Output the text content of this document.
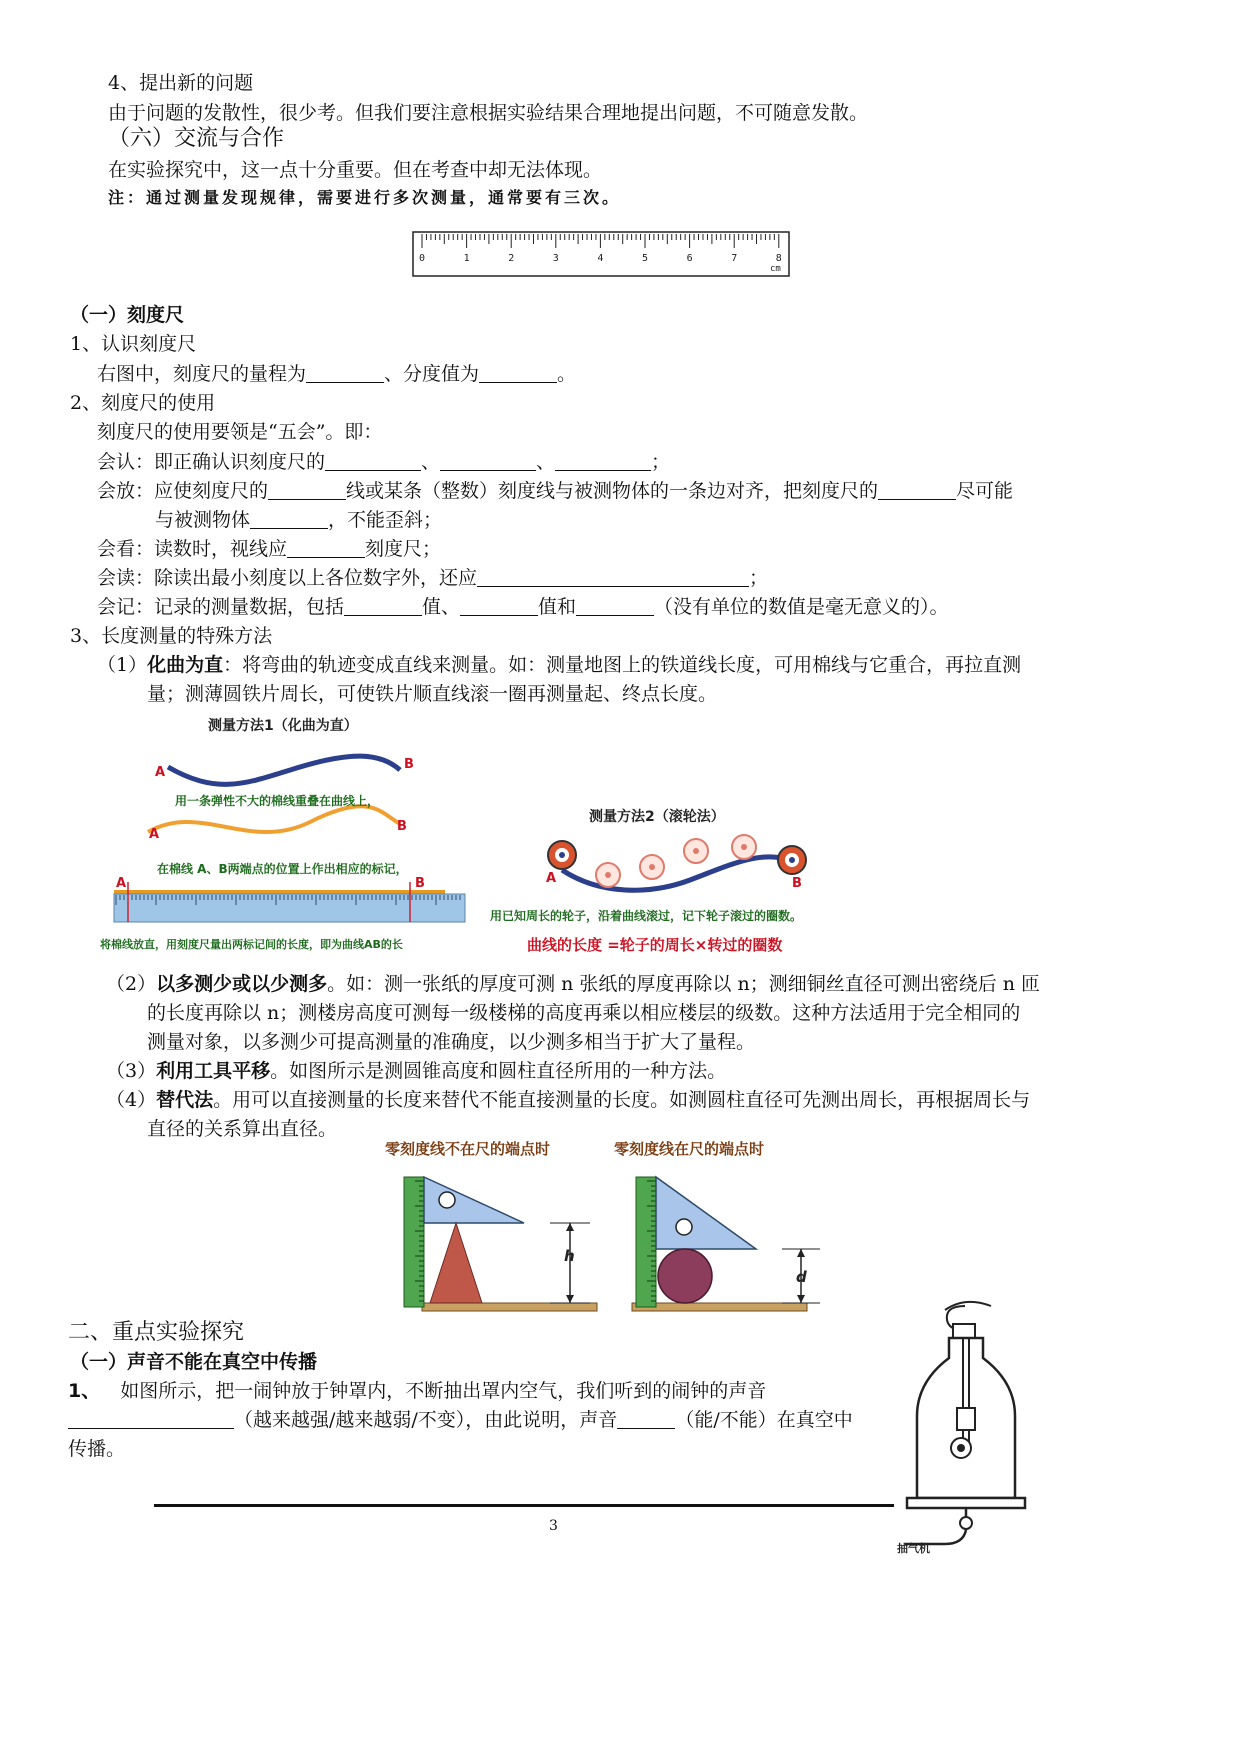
4、提出新的问题
由于问题的发散性，很少考。但我们要注意根据实验结果合理地提出问题，不可随意发散。
（六）交流与合作
在实验探究中，这一点十分重要。但在考查中却无法体现。
注：通过测量发现规律，需要进行多次测量，通常要有三次。
0	1	2	3	4	5	6	7	8
cm
（一）刻度尺
1、认识刻度尺
右图中，刻度尺的量程为	、分度值为	。
2、刻度尺的使用
刻度尺的使用要领是“五会”。即：
会认：即正确认识刻度尺的	、	、	；
会放：应使刻度尺的	线或某条（整数）刻度线与被测物体的一条边对齐，把刻度尺的	尽可能
与被测物体	，不能歪斜；
会看：读数时，视线应	刻度尺；
会读：除读出最小刻度以上各位数字外，还应	；
会记：记录的测量数据，包括	值、	值和	（没有单位的数值是毫无意义的）。
3、长度测量的特殊方法
（1）化曲为直：将弯曲的轨迹变成直线来测量。如：测量地图上的铁道线长度，可用棉线与它重合，再拉直测
量；测薄圆铁片周长，可使铁片顺直线滚一圈再测量起、终点长度。
测量方法1（化曲为直）
A
B
用一条弹性不大的棉线重叠在曲线上，
A
B
在棉线 A、B两端点的位置上作出相应的标记，
A	B
将棉线放直，用刻度尺量出两标记间的长度，即为曲线AB的长
测量方法2（滚轮法）
A	B
用已知周长的轮子，沿着曲线滚过，记下轮子滚过的圈数。
曲线的长度 =轮子的周长×转过的圈数
（2）以多测少或以少测多。如：测一张纸的厚度可测 n 张纸的厚度再除以 n；测细铜丝直径可测出密绕后 n 匝
的长度再除以 n；测楼房高度可测每一级楼梯的高度再乘以相应楼层的级数。这种方法适用于完全相同的
测量对象，以多测少可提高测量的准确度，以少测多相当于扩大了量程。
（3）利用工具平移。如图所示是测圆锥高度和圆柱直径所用的一种方法。
（4）替代法。用可以直接测量的长度来替代不能直接测量的长度。如测圆柱直径可先测出周长，再根据周长与
直径的关系算出直径。
零刻度线不在尺的端点时	零刻度线在尺的端点时
h
d
二、重点实验探究
（一）声音不能在真空中传播
1、 如图所示，把一闹钟放于钟罩内，不断抽出罩内空气，我们听到的闹钟的声音
（越来越强/越来越弱/不变），由此说明，声音	（能/不能）在真空中
传播。
抽气机
3
